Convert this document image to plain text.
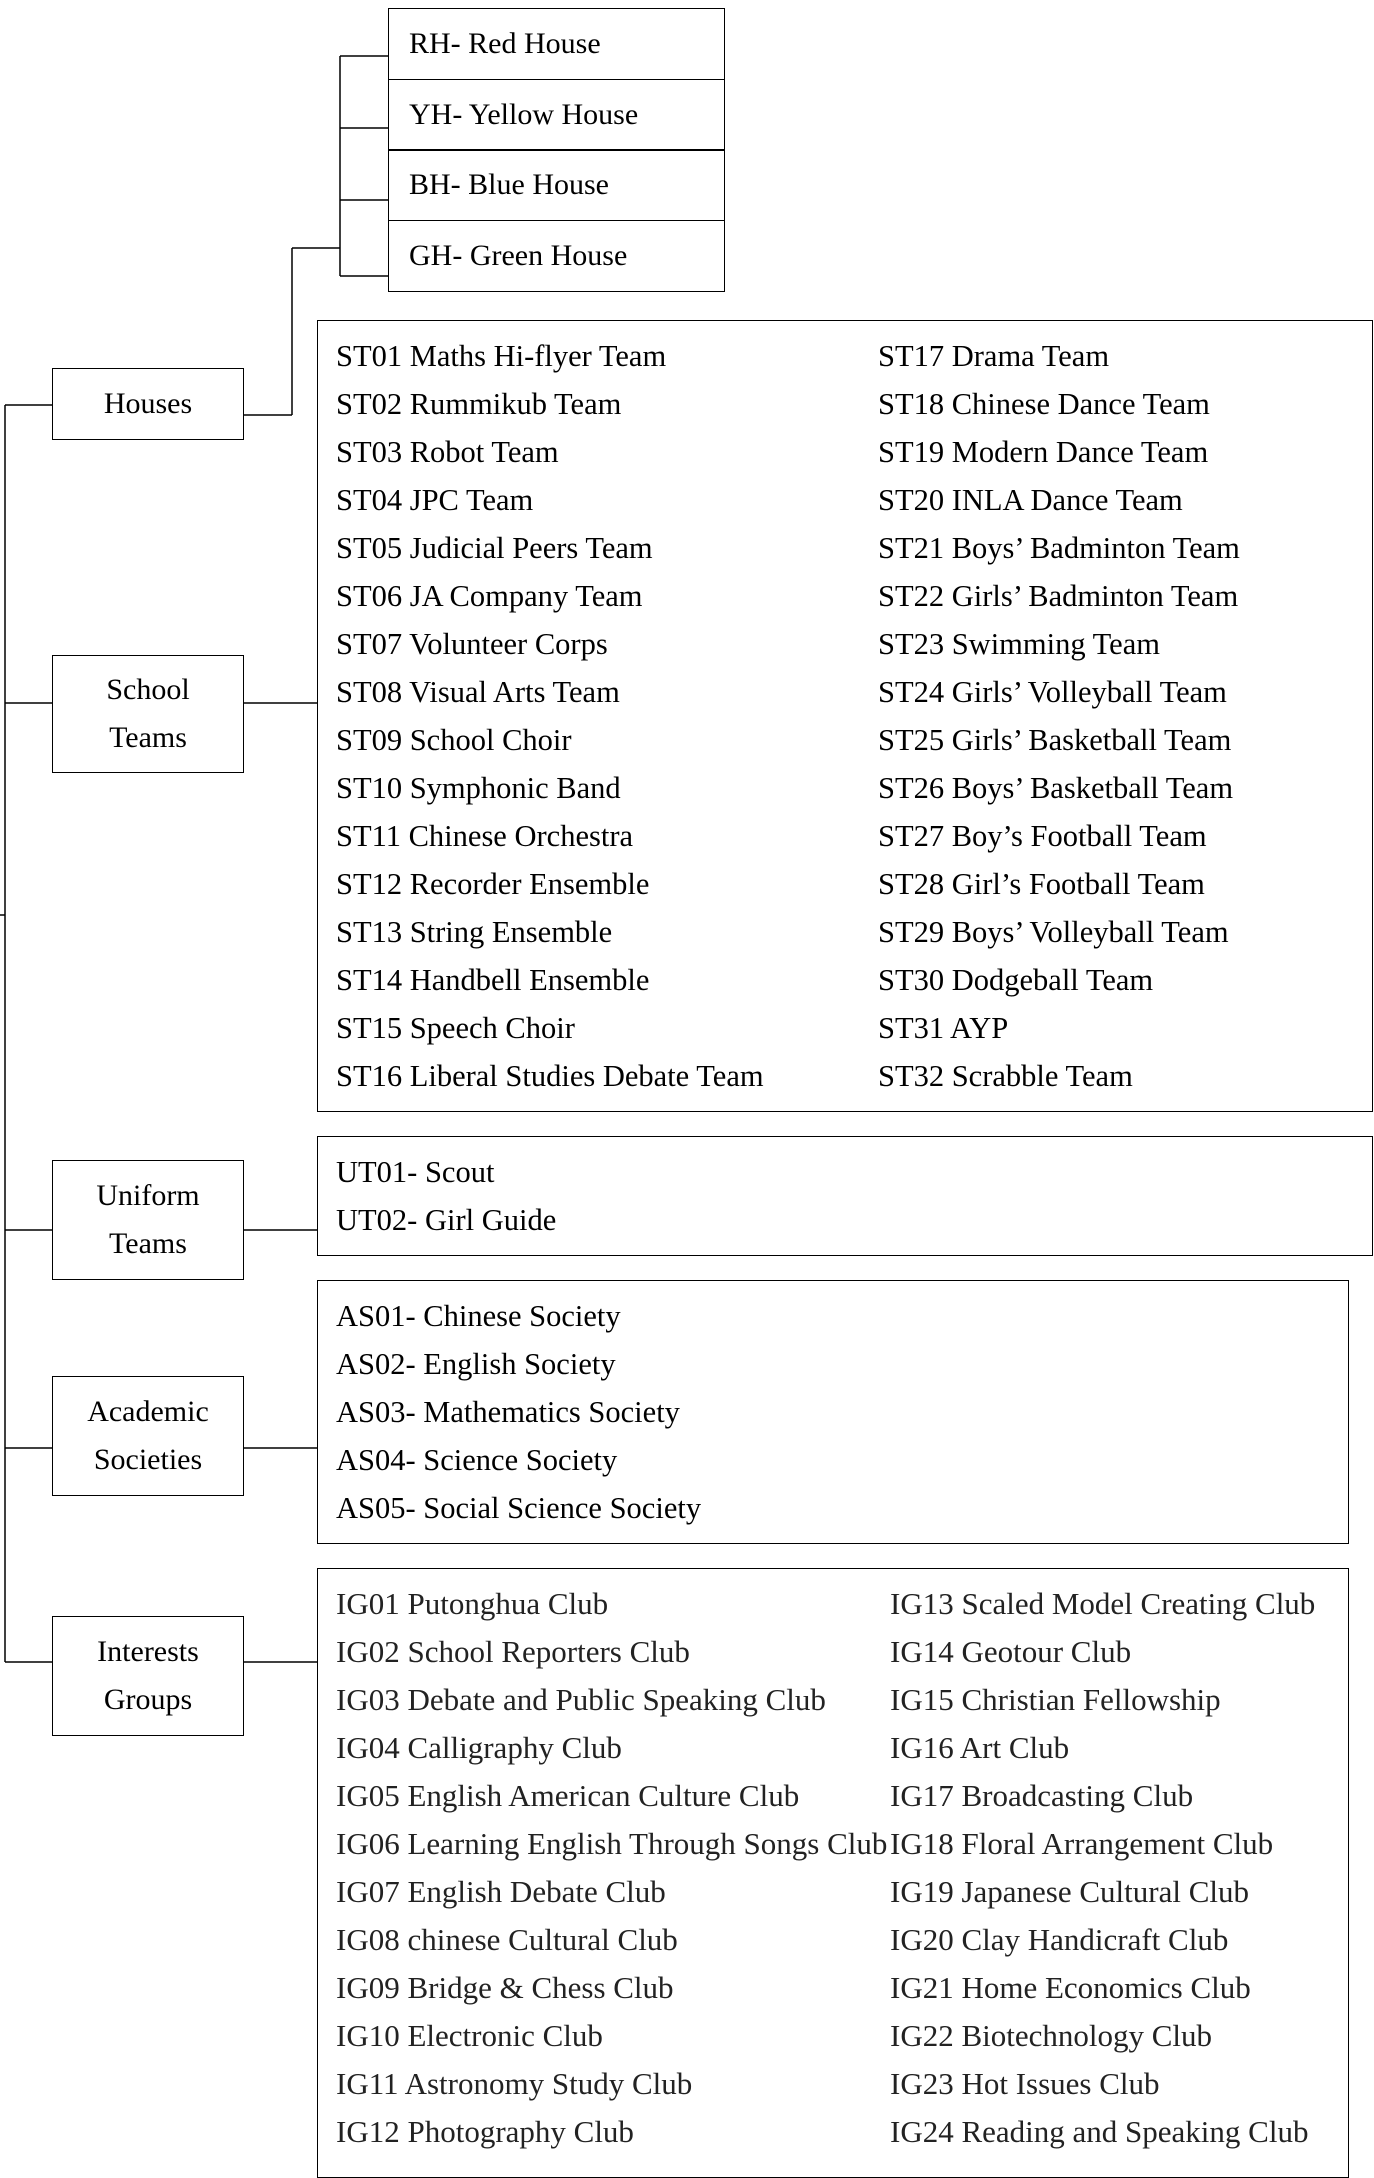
RH- Red House
YH- Yellow House
BH- Blue House
GH- Green House
Houses
School
Teams
Uniform
Teams
Academic
Societies
Interests
Groups
ST01 Maths Hi-flyer Team
ST02 Rummikub Team
ST03 Robot Team
ST04 JPC Team
ST05 Judicial Peers Team
ST06 JA Company Team
ST07 Volunteer Corps
ST08 Visual Arts Team
ST09 School Choir
ST10 Symphonic Band
ST11 Chinese Orchestra
ST12 Recorder Ensemble
ST13 String Ensemble
ST14 Handbell Ensemble
ST15 Speech Choir
ST16 Liberal Studies Debate Team
ST17 Drama Team
ST18 Chinese Dance Team
ST19 Modern Dance Team
ST20 INLA Dance Team
ST21 Boys’ Badminton Team
ST22 Girls’ Badminton Team
ST23 Swimming Team
ST24 Girls’ Volleyball Team
ST25 Girls’ Basketball Team
ST26 Boys’ Basketball Team
ST27 Boy’s Football Team
ST28 Girl’s Football Team
ST29 Boys’ Volleyball Team
ST30 Dodgeball Team
ST31 AYP
ST32 Scrabble Team
UT01- Scout
UT02- Girl Guide
AS01- Chinese Society
AS02- English Society
AS03- Mathematics Society
AS04- Science Society
AS05- Social Science Society
IG01 Putonghua Club
IG02 School Reporters Club
IG03 Debate and Public Speaking Club
IG04 Calligraphy Club
IG05 English American Culture Club
IG06 Learning English Through Songs Club
IG07 English Debate Club
IG08 chinese Cultural Club
IG09 Bridge & Chess Club
IG10 Electronic Club
IG11 Astronomy Study Club
IG12 Photography Club
IG13 Scaled Model Creating Club
IG14 Geotour Club
IG15 Christian Fellowship
IG16 Art Club
IG17 Broadcasting Club
IG18 Floral Arrangement Club
IG19 Japanese Cultural Club
IG20 Clay Handicraft Club
IG21 Home Economics Club
IG22 Biotechnology Club
IG23 Hot Issues Club
IG24 Reading and Speaking Club
